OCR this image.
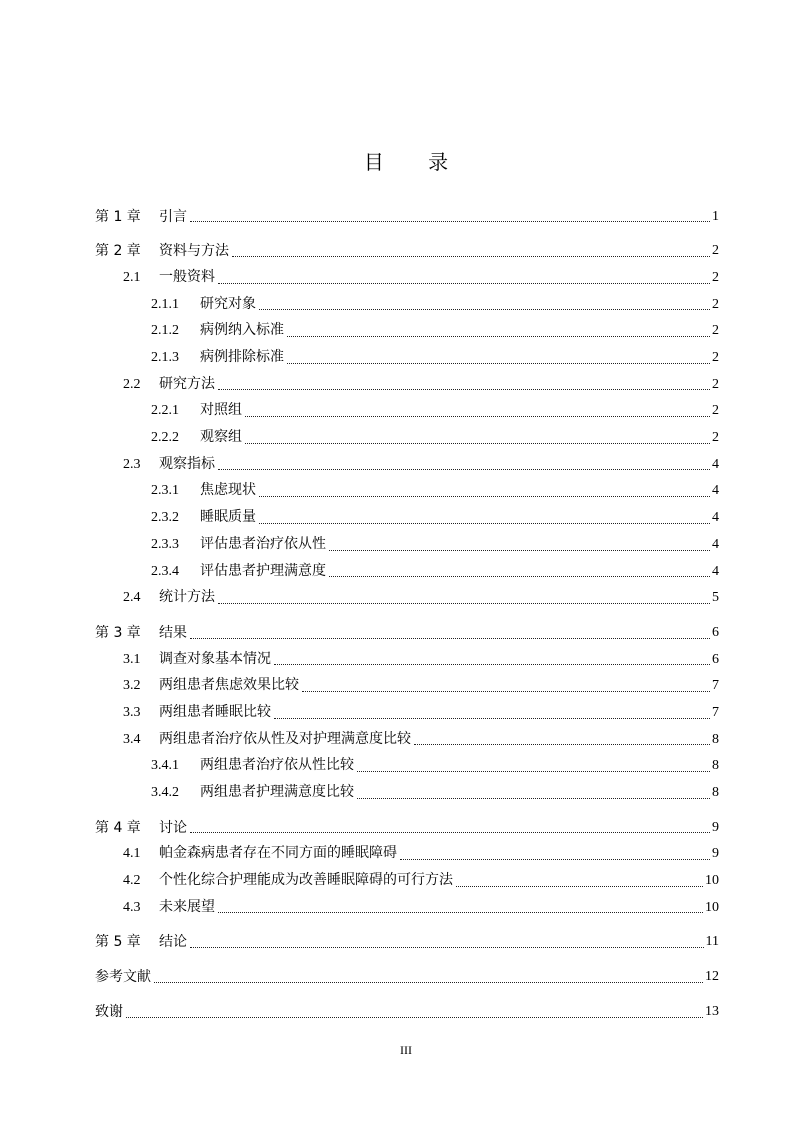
目 录
第 1 章	引言	1
第 2 章	资料与方法	2
2.1	一般资料	2
2.1.1	研究对象	2
2.1.2	病例纳入标准	2
2.1.3	病例排除标准	2
2.2	研究方法	2
2.2.1	对照组	2
2.2.2	观察组	2
2.3	观察指标	4
2.3.1	焦虑现状	4
2.3.2	睡眠质量	4
2.3.3	评估患者治疗依从性	4
2.3.4	评估患者护理满意度	4
2.4	统计方法	5
第 3 章	结果	6
3.1	调查对象基本情况	6
3.2	两组患者焦虑效果比较	7
3.3	两组患者睡眠比较	7
3.4	两组患者治疗依从性及对护理满意度比较	8
3.4.1	两组患者治疗依从性比较	8
3.4.2	两组患者护理满意度比较	8
第 4 章	讨论	9
4.1	帕金森病患者存在不同方面的睡眠障碍	9
4.2	个性化综合护理能成为改善睡眠障碍的可行方法	10
4.3	未来展望	10
第 5 章	结论	11
参考文献	12
致谢	13
III
